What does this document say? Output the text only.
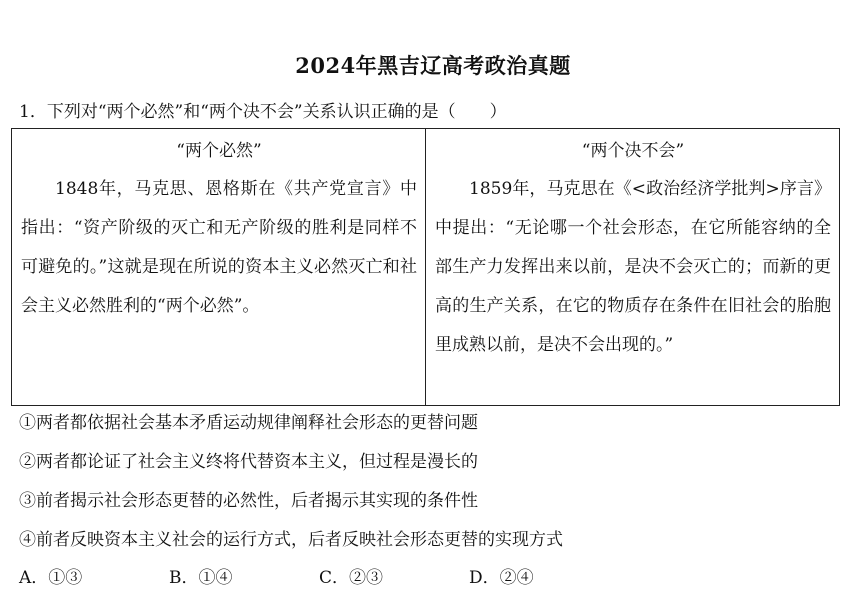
2024年黑吉辽高考政治真题
1．下列对“两个必然”和“两个决不会”关系认识正确的是（　　）
“两个必然”

1848年，马克思、恩格斯在《共产党宣言》中指出：“资产阶级的灭亡和无产阶级的胜利是同样不可避免的。”这就是现在所说的资本主义必然灭亡和社会主义必然胜利的“两个必然”。

“两个决不会”

1859年，马克思在《<政治经济学批判>序言》中提出：“无论哪一个社会形态，在它所能容纳的全部生产力发挥出来以前，是决不会灭亡的；而新的更高的生产关系，在它的物质存在条件在旧社会的胎胞里成熟以前，是决不会出现的。”

①两者都依据社会基本矛盾运动规律阐释社会形态的更替问题
②两者都论证了社会主义终将代替资本主义，但过程是漫长的
③前者揭示社会形态更替的必然性，后者揭示其实现的条件性
④前者反映资本主义社会的运行方式，后者反映社会形态更替的实现方式
A．①③	B．①④	C．②③	D．②④
